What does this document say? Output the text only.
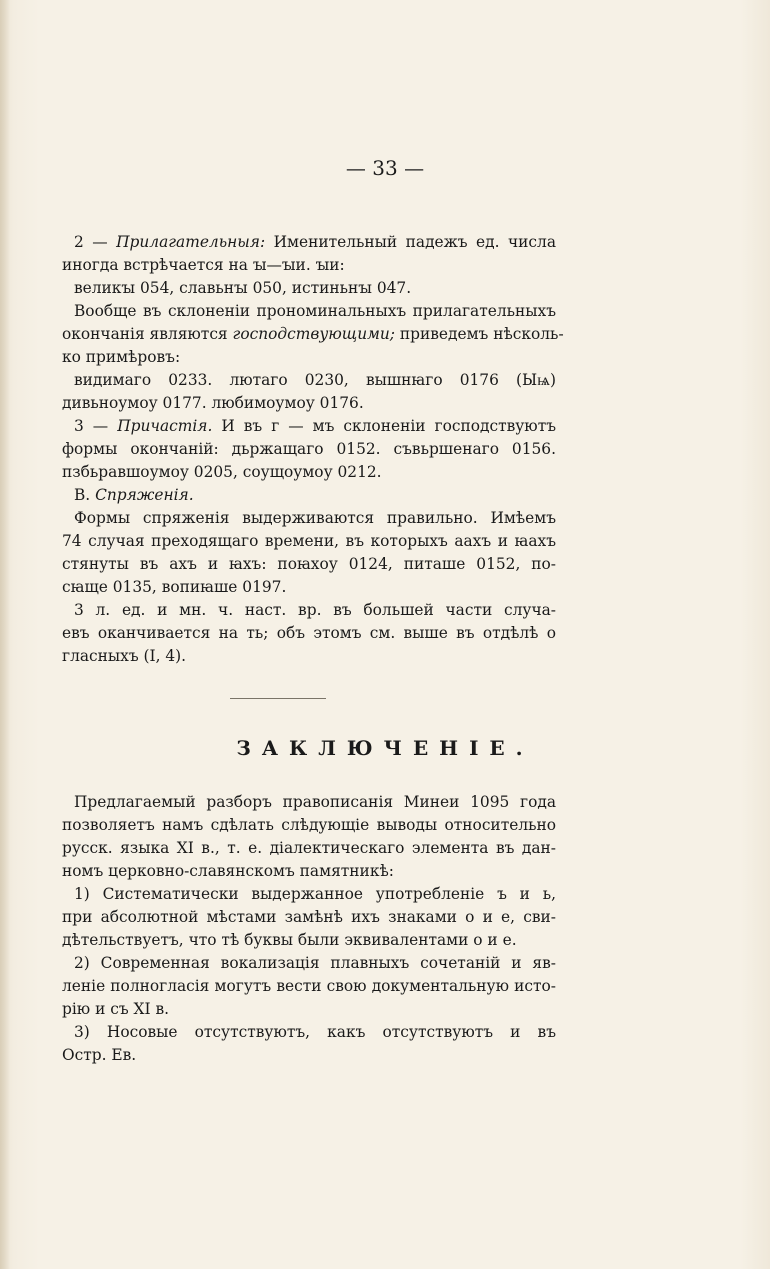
— 33 —

2 — Прилагательныя: Именительный падежъ ед. числа

иногда встрѣчается на ꙑ—ꙑи. ꙑи:

великꙑ 054, славьнꙑ 050, истиньнꙑ 047.

Вообще въ склоненіи прономинальныхъ прилагательныхъ

окончанія являются господствующими; приведемъ нѣсколь-

ко примѣровъ:

видимаго 0233. лютаго 0230, вышнꙗго 0176 (Ыѩ)

дивьноумоу 0177. любимоумоу 0176.

3 — Причастія. И въ г — мъ склоненіи господствуютъ

формы окончаній: дьржащаго 0152. съвьршенаго 0156.

пзбьравшоумоу 0205, соущоумоу 0212.

В. Спряженія.

Формы спряженія выдерживаются правильно. Имѣемъ

74 случая преходящаго времени, въ которыхъ аахъ и ꙗахъ

стянуты въ ахъ и ꙗхъ: поꙗхоу 0124, питаше 0152, по-

сꙗще 0135, вопиꙗше 0197.

3 л. ед. и мн. ч. наст. вр. въ большей части случа-

евъ оканчивается на ть; объ этомъ см. выше въ отдѣлѣ о

гласныхъ (I, 4).

ЗАКЛЮЧЕНІЕ.

Предлагаемый разборъ правописанія Минеи 1095 года

позволяетъ намъ сдѣлать слѣдующіе выводы относительно

русск. языка XI в., т. е. діалектическаго элемента въ дан-

номъ церковно-славянскомъ памятникѣ:

1) Систематически выдержанное употребленіе ъ и ь,

при абсолютной мѣстами замѣнѣ ихъ знаками о и е, сви-

дѣтельствуетъ, что тѣ буквы были эквивалентами о и е.

2) Современная вокализація плавныхъ сочетаній и яв-

леніе полногласія могутъ вести свою документальную исто-

рію и съ XI в.

3) Носовые отсутствуютъ, какъ отсутствуютъ и въ

Остр. Ев.
